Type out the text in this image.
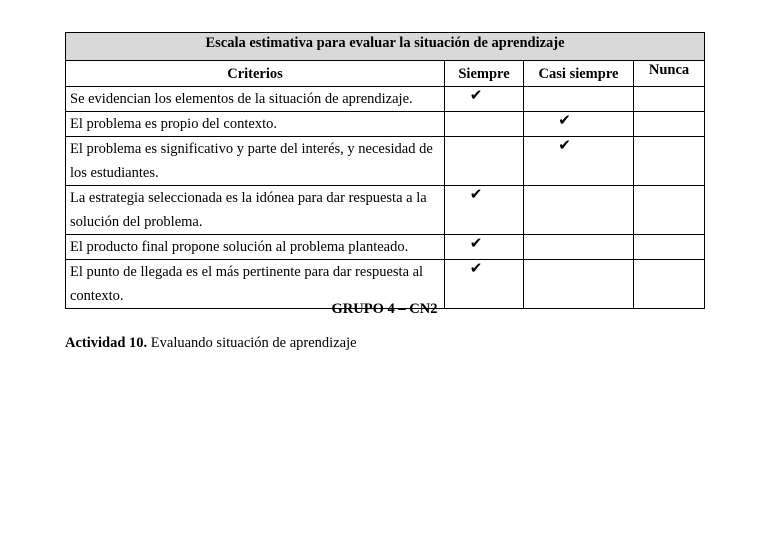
Escala estimativa para evaluar la situación de aprendizaje			
Criterios	Siempre	Casi siempre	Nunca
Se evidencian los elementos de la situación de aprendizaje.	✔		
El problema es propio del contexto.		✔	
El problema es significativo y parte del interés, y necesidad de los estudiantes.		✔	
La estrategia seleccionada es la idónea para dar respuesta a la solución del problema.	✔		
El producto final propone solución al problema planteado.	✔		
El punto de llegada es el más pertinente para dar respuesta al contexto.	✔		
GRUPO 4 – CN2
Actividad 10. Evaluando situación de aprendizaje
